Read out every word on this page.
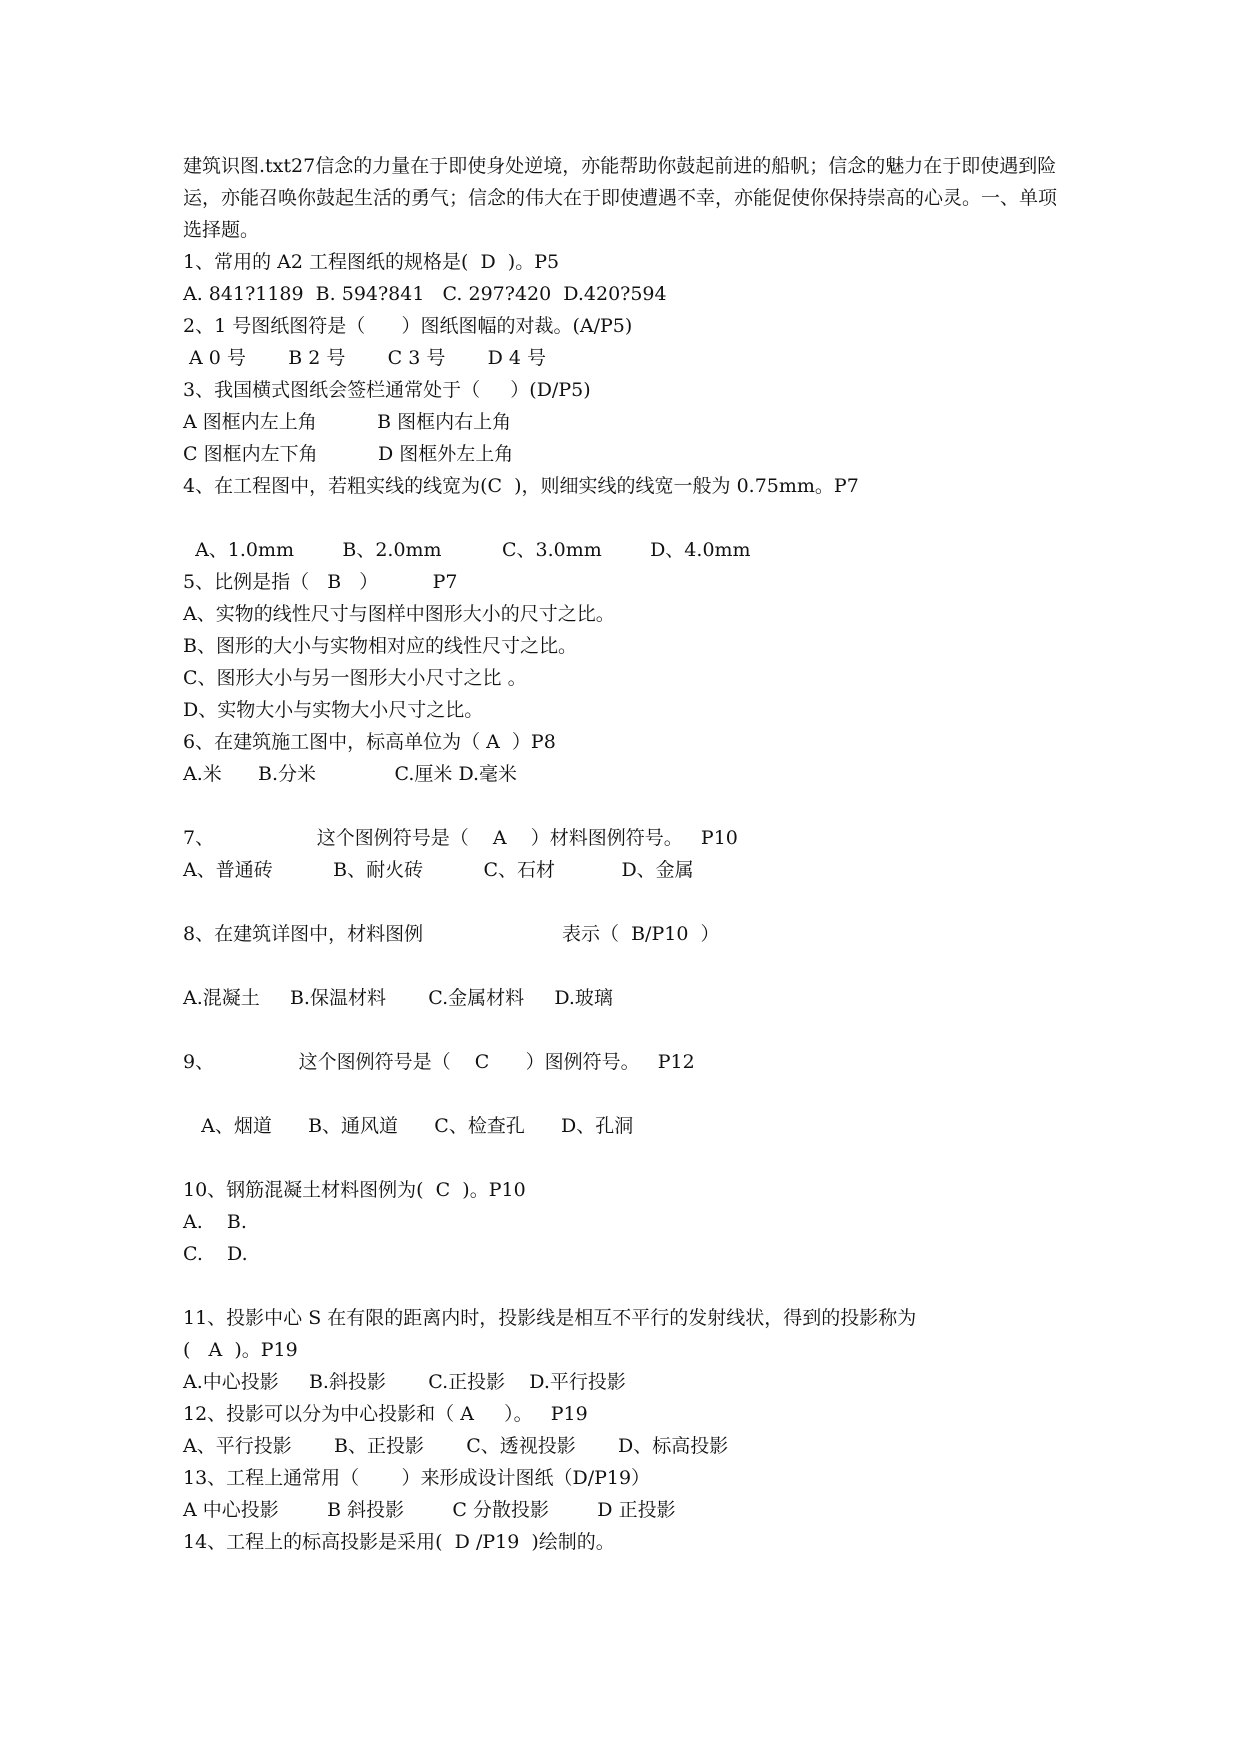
建筑识图.txt27信念的力量在于即使身处逆境，亦能帮助你鼓起前进的船帆；信念的魅力在于即使遇到险运，亦能召唤你鼓起生活的勇气；信念的伟大在于即使遭遇不幸，亦能促使你保持崇高的心灵。一、单项选择题。

1、常用的 A2 工程图纸的规格是(  D  )。P5
A. 841?1189  B. 594?841   C. 297?420  D.420?594
2、1 号图纸图符是（      ）图纸图幅的对裁。(A/P5)
A 0 号       B 2 号       C 3 号       D 4 号
3、我国横式图纸会签栏通常处于（     ）(D/P5)
A 图框内左上角          B 图框内右上角
C 图框内左下角          D 图框外左上角
4、在工程图中，若粗实线的线宽为(C  )，则细实线的线宽一般为 0.75mm。P7
A、1.0mm        B、2.0mm          C、3.0mm        D、4.0mm
5、比例是指（   B   ）         P7
A、实物的线性尺寸与图样中图形大小的尺寸之比。
B、图形的大小与实物相对应的线性尺寸之比。
C、图形大小与另一图形大小尺寸之比 。
D、实物大小与实物大小尺寸之比。
6、在建筑施工图中，标高单位为（ A  ）P8
A.米      B.分米             C.厘米 D.毫米
7、                 这个图例符号是（    A    ）材料图例符号。   P10
A、普通砖          B、耐火砖          C、石材           D、金属
8、在建筑详图中，材料图例                       表示（  B/P10  ）
A.混凝土     B.保温材料       C.金属材料     D.玻璃
9、              这个图例符号是（    C      ）图例符号。   P12
A、烟道      B、通风道      C、检查孔      D、孔洞
10、钢筋混凝土材料图例为(  C  )。P10
A.    B.
C.    D.
11、投影中心 S 在有限的距离内时，投影线是相互不平行的发射线状，得到的投影称为
(   A  )。P19
A.中心投影     B.斜投影       C.正投影    D.平行投影
12、投影可以分为中心投影和（ A     ）。   P19
A、平行投影       B、正投影       C、透视投影       D、标高投影
13、工程上通常用（       ）来形成设计图纸（D/P19）
A 中心投影        B 斜投影        C 分散投影        D 正投影
14、工程上的标高投影是采用(  D /P19  )绘制的。
